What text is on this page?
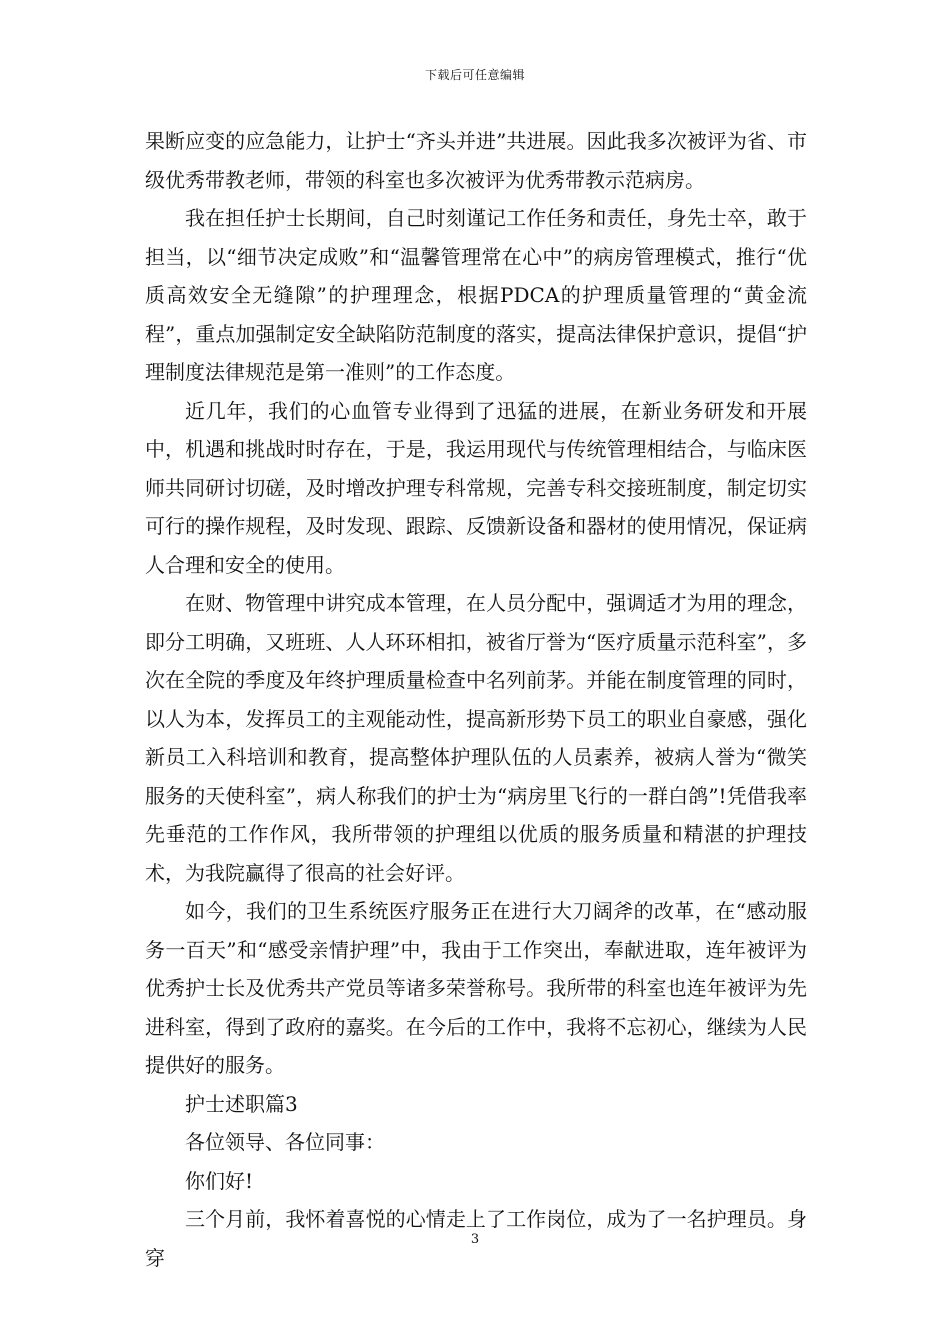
下载后可任意编辑

果断应变的应急能力，让护士“齐头并进”共进展。因此我多次被评为省、市级优秀带教老师，带领的科室也多次被评为优秀带教示范病房。

我在担任护士长期间，自己时刻谨记工作任务和责任，身先士卒，敢于担当，以“细节决定成败”和“温馨管理常在心中”的病房管理模式，推行“优质高效安全无缝隙”的护理理念，根据PDCA的护理质量管理的“黄金流程”，重点加强制定安全缺陷防范制度的落实，提高法律保护意识，提倡“护理制度法律规范是第一准则”的工作态度。

近几年，我们的心血管专业得到了迅猛的进展，在新业务研发和开展中，机遇和挑战时时存在，于是，我运用现代与传统管理相结合，与临床医师共同研讨切磋，及时增改护理专科常规，完善专科交接班制度，制定切实可行的操作规程，及时发现、跟踪、反馈新设备和器材的使用情况，保证病人合理和安全的使用。

在财、物管理中讲究成本管理，在人员分配中，强调适才为用的理念，即分工明确，又班班、人人环环相扣，被省厅誉为“医疗质量示范科室”，多次在全院的季度及年终护理质量检查中名列前茅。并能在制度管理的同时，以人为本，发挥员工的主观能动性，提高新形势下员工的职业自豪感，强化新员工入科培训和教育，提高整体护理队伍的人员素养，被病人誉为“微笑服务的天使科室”，病人称我们的护士为“病房里飞行的一群白鸽”!凭借我率先垂范的工作作风，我所带领的护理组以优质的服务质量和精湛的护理技术，为我院赢得了很高的社会好评。

如今，我们的卫生系统医疗服务正在进行大刀阔斧的改革，在“感动服务一百天”和“感受亲情护理”中，我由于工作突出，奉献进取，连年被评为优秀护士长及优秀共产党员等诸多荣誉称号。我所带的科室也连年被评为先进科室，得到了政府的嘉奖。在今后的工作中，我将不忘初心，继续为人民提供好的服务。

护士述职篇3

各位领导、各位同事：

你们好!

三个月前，我怀着喜悦的心情走上了工作岗位，成为了一名护理员。身穿

3
